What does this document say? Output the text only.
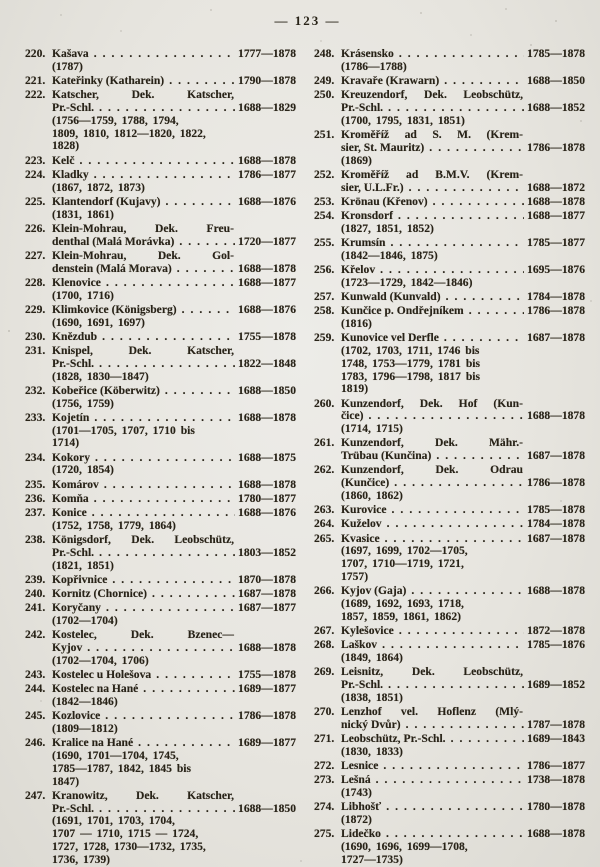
— 123 —
220. Kašava .....	1777—1878
(1787)
221. Kateřinky (Katharein) .....	1790—1878
222. Katscher, Dek. Katscher,
Pr.-Schl. .....	1688—1829
(1756—1759, 1788, 1794,
1809, 1810, 1812—1820, 1822,
1828)
223. Kelč .....	1688—1878
224. Kladky .....	1786—1877
(1867, 1872, 1873)
225. Klantendorf (Kujavy) .....	1688—1876
(1831, 1861)
226. Klein-Mohrau, Dek. Freu-
denthal (Malá Morávka) .....	1720—1877
227. Klein-Mohrau, Dek. Gol-
denstein (Malá Morava) .....	1688—1878
228. Klenovice .....	1688—1877
(1700, 1716)
229. Klimkovice (Königsberg) .....	1688—1876
(1690, 1691, 1697)
230. Knězdub .....	1755—1878
231. Knispel, Dek. Katscher,
Pr.-Schl. .....	1822—1848
(1828, 1830—1847)
232. Kobeřice (Köberwitz) .....	1688—1850
(1756, 1759)
233. Kojetín .....	1688—1878
(1701—1705, 1707, 1710 bis
1714)
234. Kokory .....	1688—1875
(1720, 1854)
235. Komárov .....	1688—1878
236. Komňa .....	1780—1877
237. Konice .....	1688—1876
(1752, 1758, 1779, 1864)
238. Königsdorf, Dek. Leobschütz,
Pr.-Schl. .....	1803—1852
(1821, 1851)
239. Kopřivnice .....	1870—1878
240. Kornitz (Chornice) .....	1687—1878
241. Koryčany .....	1687—1877
(1702—1704)
242. Kostelec, Dek. Bzenec—
Kyjov .....	1688—1878
(1702—1704, 1706)
243. Kostelec u Holešova .....	1755—1878
244. Kostelec na Hané .....	1689—1877
(1842—1846)
245. Kozlovice .....	1786—1878
(1809—1812)
246. Kralice na Hané .....	1689—1877
(1690, 1701—1704, 1745,
1785—1787, 1842, 1845 bis
1847)
247. Kranowitz, Dek. Katscher,
Pr.-Schl. .....	1688—1850
(1691, 1701, 1703, 1704,
1707 — 1710, 1715 — 1724,
1727, 1728, 1730—1732, 1735,
1736, 1739)
248. Krásensko .....	1785—1878
(1786—1788)
249. Kravaře (Krawarn) .....	1688—1850
250. Kreuzendorf, Dek. Leobschütz,
Pr.-Schl. .....	1688—1852
(1700, 1795, 1831, 1851)
251. Kroměříž ad S. M. (Krem-
sier, St. Mauritz) .....	1786—1878
(1869)
252. Kroměříž ad B.M.V. (Krem-
sier, U.L.Fr.) .....	1688—1872
253. Krönau (Křenov) .....	1688—1878
254. Kronsdorf .....	1688—1877
(1827, 1851, 1852)
255. Krumsín .....	1785—1877
(1842—1846, 1875)
256. Křelov .....	1695—1876
(1723—1729, 1842—1846)
257. Kunwald (Kunvald) .....	1784—1878
258. Kunčice p. Ondřejníkem .....	1786—1878
(1816)
259. Kunovice vel Derfle .....	1687—1878
(1702, 1703, 1711, 1746 bis
1748, 1753—1779, 1781 bis
1783, 1796—1798, 1817 bis
1819)
260. Kunzendorf, Dek. Hof (Kun-
čice) .....	1688—1878
(1714, 1715)
261. Kunzendorf, Dek. Mähr.-
Trübau (Kunčina) .....	1687—1878
262. Kunzendorf, Dek. Odrau
(Kunčice) .....	1786—1878
(1860, 1862)
263. Kurovice .....	1785—1878
264. Kuželov .....	1784—1878
265. Kvasice .....	1687—1878
(1697, 1699, 1702—1705,
1707, 1710—1719, 1721,
1757)
266. Kyjov (Gaja) .....	1688—1878
(1689, 1692, 1693, 1718,
1857, 1859, 1861, 1862)
267. Kylešovice .....	1872—1878
268. Laškov .....	1785—1876
(1849, 1864)
269. Leisnitz, Dek. Leobschütz,
Pr.-Schl. .....	1689—1852
(1838, 1851)
270. Lenzhof vel. Hoflenz (Mlý-
nický Dvůr) .....	1787—1878
271. Leobschütz, Pr.-Schl. .....	1689—1843
(1830, 1833)
272. Lesnice .....	1786—1877
273. Lešná .....	1738—1878
(1743)
274. Libhošť .....	1780—1878
(1872)
275. Lidečko .....	1688—1878
(1690, 1696, 1699—1708,
1727—1735)
